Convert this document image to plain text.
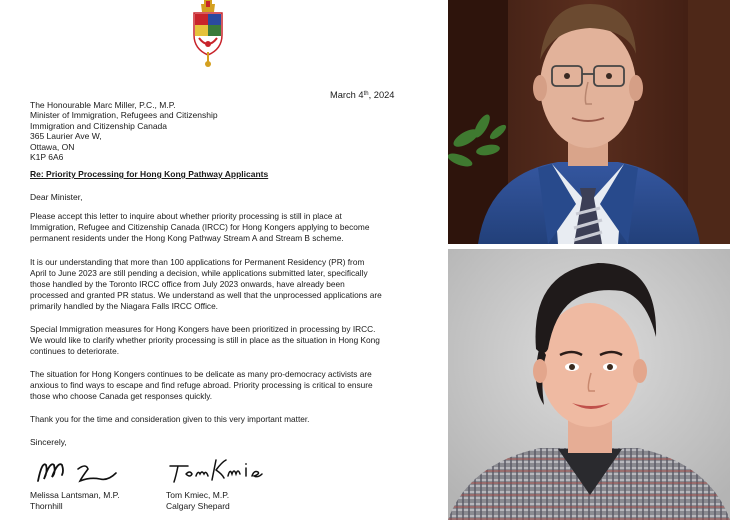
March 4th, 2024
The Honourable Marc Miller, P.C., M.P.
Minister of Immigration, Refugees and Citizenship
Immigration and Citizenship Canada
365 Laurier Ave W,
Ottawa, ON
K1P 6A6
Re: Priority Processing for Hong Kong Pathway Applicants
Dear Minister,
Please accept this letter to inquire about whether priority processing is still in place at
Immigration, Refugee and Citizenship Canada (IRCC) for Hong Kongers applying to become
permanent residents under the Hong Kong Pathway Stream A and Stream B scheme.
It is our understanding that more than 100 applications for Permanent Residency (PR) from
April to June 2023 are still pending a decision, while applications submitted later, specifically
those handled by the Toronto IRCC office from July 2023 onwards, have already been
processed and granted PR status. We understand as well that the unprocessed applications are
primarily handled by the Niagara Falls IRCC Office.
Special Immigration measures for Hong Kongers have been prioritized in processing by IRCC.
We would like to clarify whether priority processing is still in place as the situation in Hong Kong
continues to deteriorate.
The situation for Hong Kongers continues to be delicate as many pro-democracy activists are
anxious to find ways to escape and find refuge abroad. Priority processing is critical to ensure
those who choose Canada get responses quickly.
Thank you for the time and consideration given to this very important matter.
Sincerely,
Melissa Lantsman, M.P.
Thornhill
Tom Kmiec, M.P.
Calgary Shepard
